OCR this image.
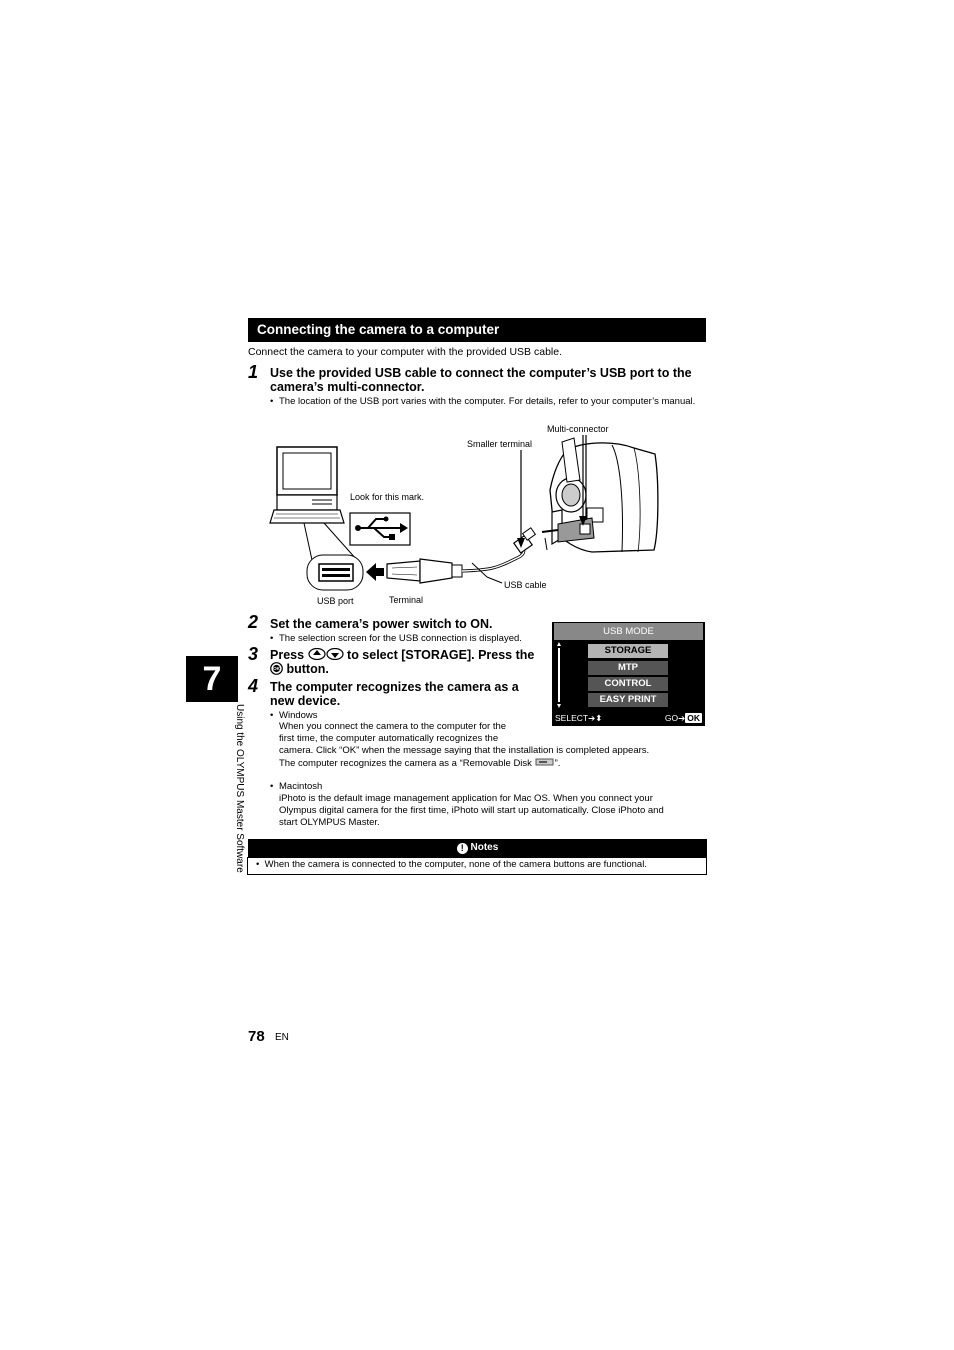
Connecting the camera to a computer
Connect the camera to your computer with the provided USB cable.
1 Use the provided USB cable to connect the computer’s USB port to the camera’s multi-connector.
• The location of the USB port varies with the computer. For details, refer to your computer’s manual.
Multi-connector
Smaller terminal
Look for this mark.
USB cable
USB port	Terminal
2 Set the camera’s power switch to ON.
• The selection screen for the USB connection is displayed.
3 Press	to select [STORAGE]. Press the

OK button.
4 The computer recognizes the camera as a new device.
• Windows
When you connect the camera to the computer for the
first time, the computer automatically recognizes the
camera. Click “OK” when the message saying that the installation is completed appears.
The computer recognizes the camera as a “Removable Disk ”.
• Macintosh
iPhoto is the default image management application for Mac OS. When you connect your
Olympus digital camera for the first time, iPhoto will start up automatically. Close iPhoto and
start OLYMPUS Master.
USB MODE
STORAGE
MTP
CONTROL
EASY PRINT
SELECT➔⬍	GO➔ OK
! Notes
•  When the camera is connected to the computer, none of the camera buttons are functional.
7
Using the OLYMPUS Master Software
78 EN
